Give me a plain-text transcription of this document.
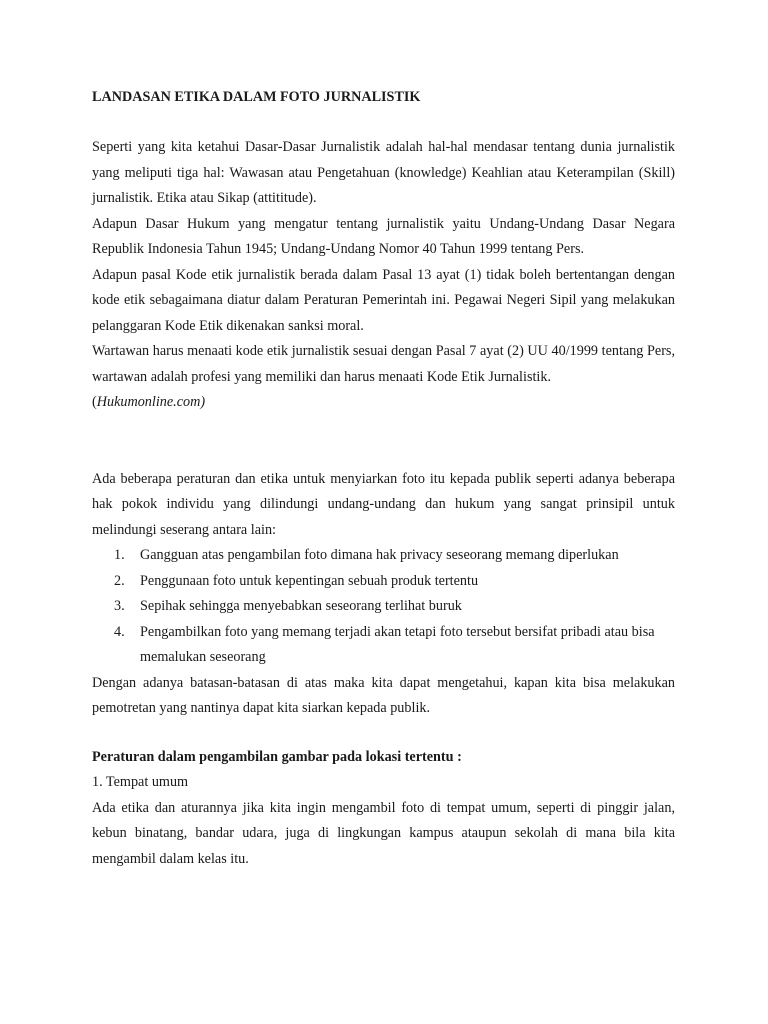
LANDASAN ETIKA DALAM FOTO JURNALISTIK

Seperti yang kita ketahui Dasar-Dasar Jurnalistik adalah hal-hal mendasar tentang dunia jurnalistik yang meliputi tiga hal: Wawasan atau Pengetahuan (knowledge) Keahlian atau Keterampilan (Skill) jurnalistik. Etika atau Sikap (attititude).

Adapun Dasar Hukum yang mengatur tentang jurnalistik yaitu Undang-Undang Dasar Negara Republik Indonesia Tahun 1945; Undang-Undang Nomor 40 Tahun 1999 tentang Pers.

Adapun pasal Kode etik jurnalistik berada dalam Pasal 13 ayat (1) tidak boleh bertentangan dengan kode etik sebagaimana diatur dalam Peraturan Pemerintah ini. Pegawai Negeri Sipil yang melakukan pelanggaran Kode Etik dikenakan sanksi moral.

Wartawan harus menaati kode etik jurnalistik sesuai dengan Pasal 7 ayat (2) UU 40/1999 tentang Pers, wartawan adalah profesi yang memiliki dan harus menaati Kode Etik Jurnalistik.

(Hukumonline.com)

Ada beberapa peraturan dan etika untuk menyiarkan foto itu kepada publik seperti adanya beberapa hak pokok individu yang dilindungi undang-undang dan hukum yang sangat prinsipil untuk melindungi seserang antara lain:

1. Gangguan atas pengambilan foto dimana hak privacy seseorang memang diperlukan
2. Penggunaan foto untuk kepentingan sebuah produk tertentu
3. Sepihak sehingga menyebabkan seseorang terlihat buruk
4. Pengambilkan foto yang memang terjadi akan tetapi foto tersebut bersifat pribadi atau bisa memalukan seseorang

Dengan adanya batasan-batasan di atas maka kita dapat mengetahui, kapan kita bisa melakukan pemotretan yang nantinya dapat kita siarkan kepada publik.

Peraturan dalam pengambilan gambar pada lokasi tertentu :

1. Tempat umum

Ada etika dan aturannya jika kita ingin mengambil foto di tempat umum, seperti di pinggir jalan, kebun binatang, bandar udara, juga di lingkungan kampus ataupun sekolah di mana bila kita mengambil dalam kelas itu.
